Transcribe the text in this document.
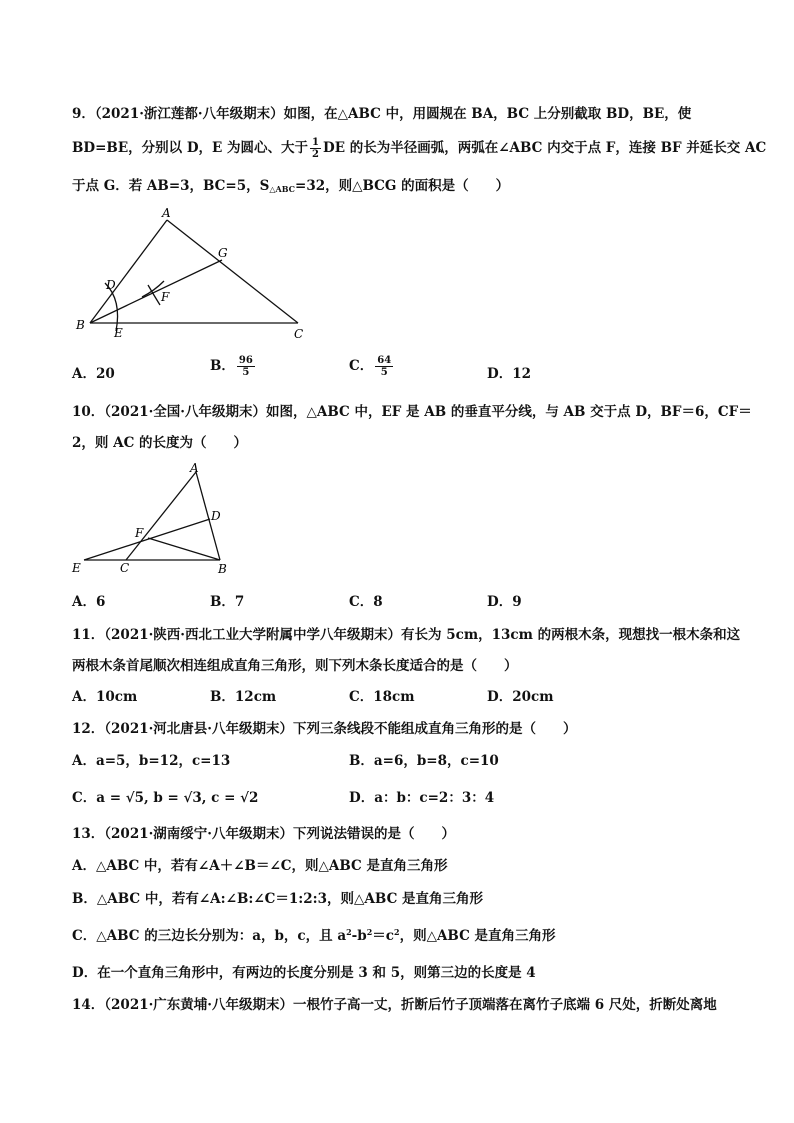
9．（2021·浙江莲都·八年级期末）如图，在△ABC 中，用圆规在 BA，BC 上分别截取 BD，BE，使
BD=BE，分别以 D，E 为圆心、大于 $\frac{1}{2}$ DE 的长为半径画弧，两弧在∠ABC 内交于点 F，连接 BF 并延长交 AC
于点 G．若 AB=3，BC=5，$S_{\triangle ABC}=32$，则△BCG 的面积是（　　）
A
B
C
D
E
F
G
A．20	B． $\frac{96}{5}$	C． $\frac{64}{5}$	D．12
10．（2021·全国·八年级期末）如图，△ABC 中，EF 是 AB 的垂直平分线，与 AB 交于点 D，BF＝6，CF＝
2，则 AC 的长度为（　　）
A
B
C
D
E
F
A．6	B．7	C．8	D．9
11．（2021·陕西·西北工业大学附属中学八年级期末）有长为 5cm，13cm 的两根木条，现想找一根木条和这
两根木条首尾顺次相连组成直角三角形，则下列木条长度适合的是（　　）
A．10cm	B．12cm	C．18cm	D．20cm
12．（2021·河北唐县·八年级期末）下列三条线段不能组成直角三角形的是（　　）
A．a=5，b=12，c=13	B．a=6，b=8，c=10
C．a = √5, b = √3, c = √2	D．a：b：c=2：3：4
13．（2021·湖南绥宁·八年级期末）下列说法错误的是（　　）
A．△ABC 中，若有∠A＋∠B＝∠C，则△ABC 是直角三角形
B．△ABC 中，若有∠A:∠B:∠C＝1:2:3，则△ABC 是直角三角形
C．△ABC 的三边长分别为：a，b，c，且 $a^2-b^2=c^2$，则△ABC 是直角三角形
D．在一个直角三角形中，有两边的长度分别是 3 和 5，则第三边的长度是 4
14．（2021·广东黄埔·八年级期末）一根竹子高一丈，折断后竹子顶端落在离竹子底端 6 尺处，折断处离地
